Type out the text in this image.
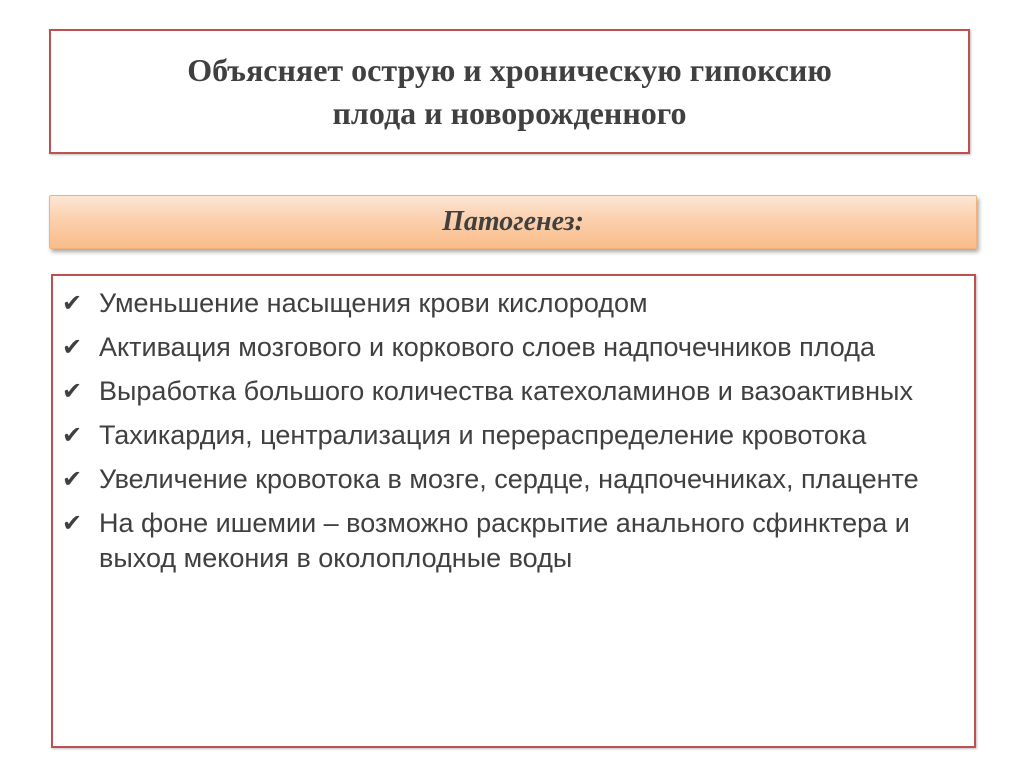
Объясняет острую и хроническую гипоксию
плода и новорожденного
Патогенез:
✔ Уменьшение насыщения крови кислородом
✔ Активация мозгового и коркового слоев надпочечников плода
✔ Выработка большого количества катехоламинов и вазоактивных
✔ Тахикардия, централизация и перераспределение кровотока
✔ Увеличение кровотока в мозге, сердце, надпочечниках, плаценте
✔ На фоне ишемии – возможно раскрытие анального сфинктера и выход мекония в околоплодные воды
